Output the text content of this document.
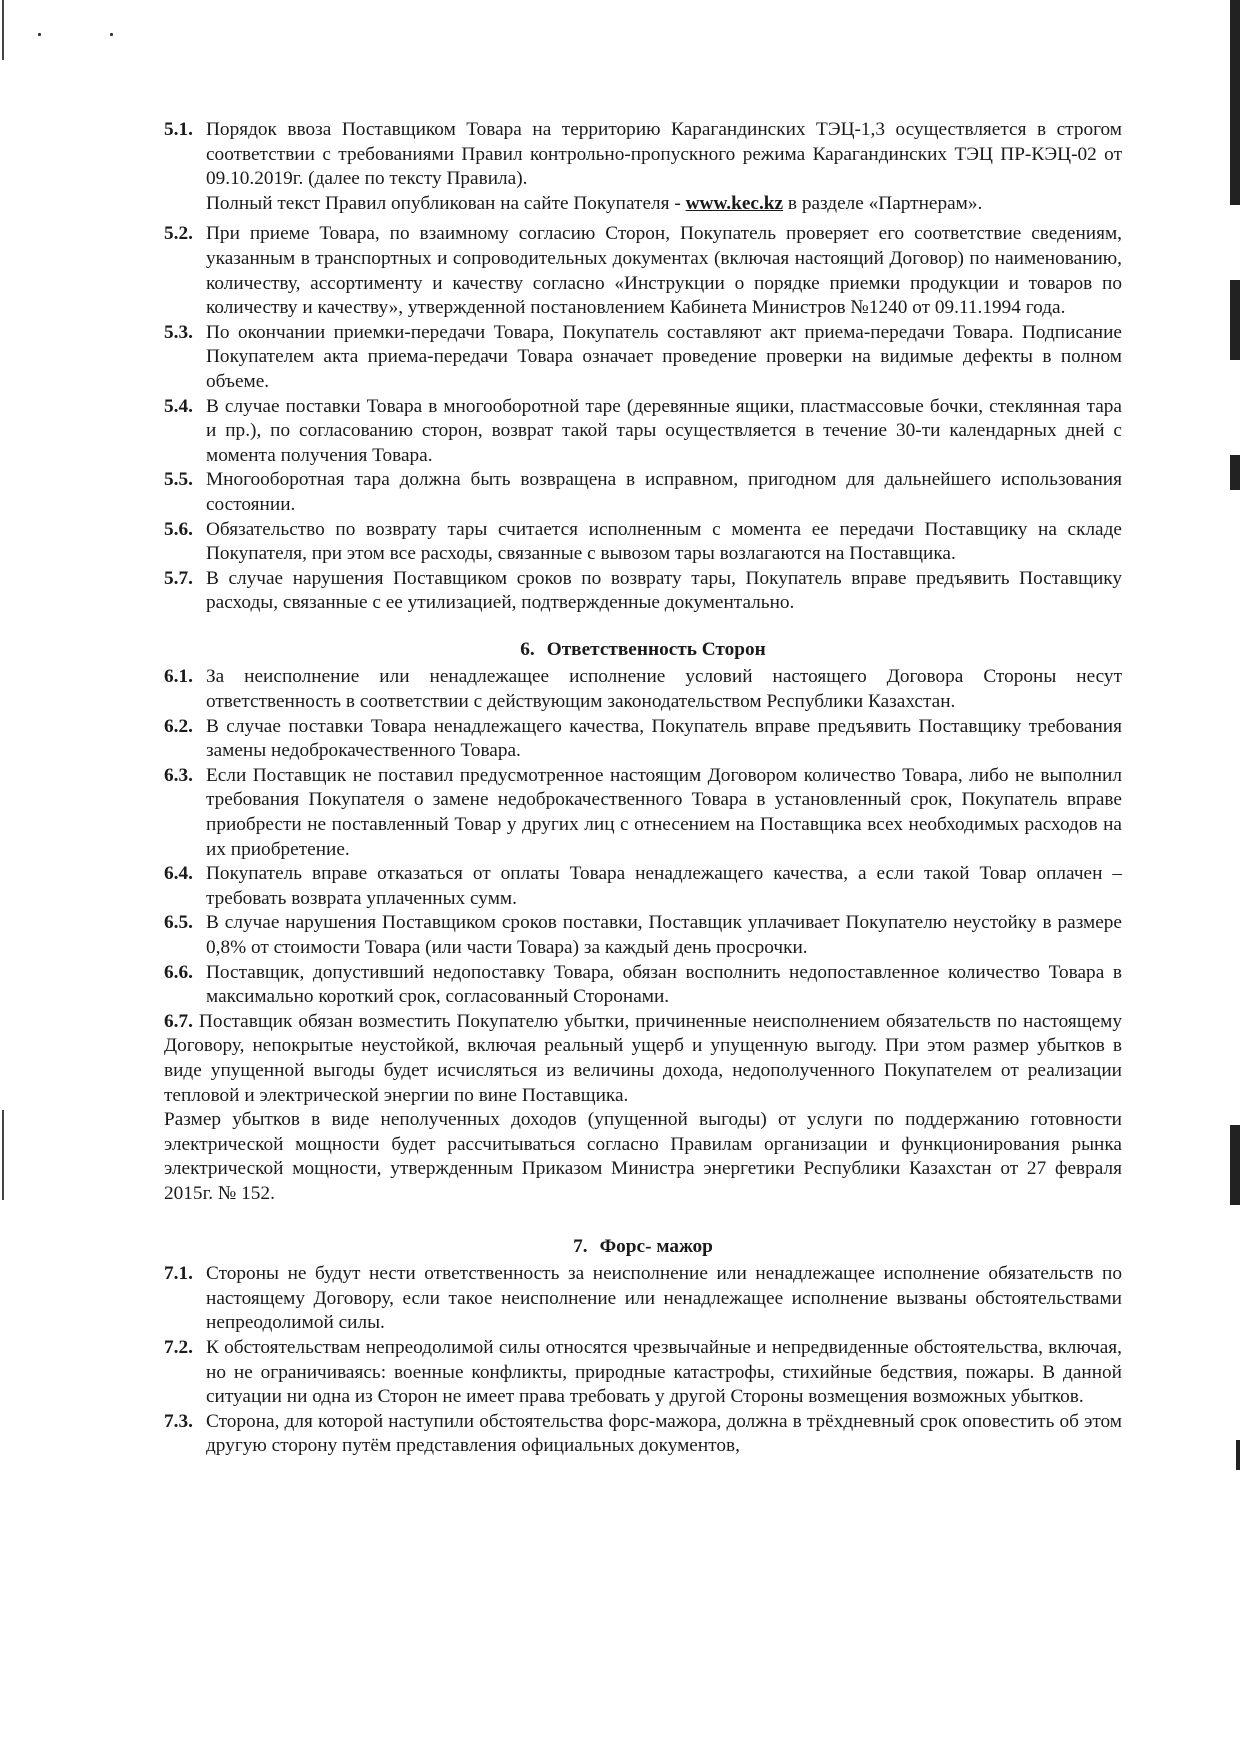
5.1. Порядок ввоза Поставщиком Товара на территорию Карагандинских ТЭЦ-1,3 осуществляется в строгом соответствии с требованиями Правил контрольно-пропускного режима Карагандинских ТЭЦ ПР-КЭЦ-02 от 09.10.2019г. (далее по тексту Правила).
Полный текст Правил опубликован на сайте Покупателя - www.kec.kz в разделе «Партнерам».
5.2. При приеме Товара, по взаимному согласию Сторон, Покупатель проверяет его соответствие сведениям, указанным в транспортных и сопроводительных документах (включая настоящий Договор) по наименованию, количеству, ассортименту и качеству согласно «Инструкции о порядке приемки продукции и товаров по количеству и качеству», утвержденной постановлением Кабинета Министров №1240 от 09.11.1994 года.
5.3. По окончании приемки-передачи Товара, Покупатель составляют акт приема-передачи Товара. Подписание Покупателем акта приема-передачи Товара означает проведение проверки на видимые дефекты в полном объеме.
5.4. В случае поставки Товара в многооборотной таре (деревянные ящики, пластмассовые бочки, стеклянная тара и пр.), по согласованию сторон, возврат такой тары осуществляется в течение 30-ти календарных дней с момента получения Товара.
5.5. Многооборотная тара должна быть возвращена в исправном, пригодном для дальнейшего использования состоянии.
5.6. Обязательство по возврату тары считается исполненным с момента ее передачи Поставщику на складе Покупателя, при этом все расходы, связанные с вывозом тары возлагаются на Поставщика.
5.7. В случае нарушения Поставщиком сроков по возврату тары, Покупатель вправе предъявить Поставщику расходы, связанные с ее утилизацией, подтвержденные документально.
6. Ответственность Сторон
6.1. За неисполнение или ненадлежащее исполнение условий настоящего Договора Стороны несут ответственность в соответствии с действующим законодательством Республики Казахстан.
6.2. В случае поставки Товара ненадлежащего качества, Покупатель вправе предъявить Поставщику требования замены недоброкачественного Товара.
6.3. Если Поставщик не поставил предусмотренное настоящим Договором количество Товара, либо не выполнил требования Покупателя о замене недоброкачественного Товара в установленный срок, Покупатель вправе приобрести не поставленный Товар у других лиц с отнесением на Поставщика всех необходимых расходов на их приобретение.
6.4. Покупатель вправе отказаться от оплаты Товара ненадлежащего качества, а если такой Товар оплачен – требовать возврата уплаченных сумм.
6.5. В случае нарушения Поставщиком сроков поставки, Поставщик уплачивает Покупателю неустойку в размере 0,8% от стоимости Товара (или части Товара) за каждый день просрочки.
6.6. Поставщик, допустивший недопоставку Товара, обязан восполнить недопоставленное количество Товара в максимально короткий срок, согласованный Сторонами.
6.7. Поставщик обязан возместить Покупателю убытки, причиненные неисполнением обязательств по настоящему Договору, непокрытые неустойкой, включая реальный ущерб и упущенную выгоду. При этом размер убытков в виде упущенной выгоды будет исчисляться из величины дохода, недополученного Покупателем от реализации тепловой и электрической энергии по вине Поставщика.
Размер убытков в виде неполученных доходов (упущенной выгоды) от услуги по поддержанию готовности электрической мощности будет рассчитываться согласно Правилам организации и функционирования рынка электрической мощности, утвержденным Приказом Министра энергетики Республики Казахстан от 27 февраля 2015г. № 152.
7. Форс- мажор
7.1. Стороны не будут нести ответственность за неисполнение или ненадлежащее исполнение обязательств по настоящему Договору, если такое неисполнение или ненадлежащее исполнение вызваны обстоятельствами непреодолимой силы.
7.2. К обстоятельствам непреодолимой силы относятся чрезвычайные и непредвиденные обстоятельства, включая, но не ограничиваясь: военные конфликты, природные катастрофы, стихийные бедствия, пожары. В данной ситуации ни одна из Сторон не имеет права требовать у другой Стороны возмещения возможных убытков.
7.3. Сторона, для которой наступили обстоятельства форс-мажора, должна в трёхдневный срок оповестить об этом другую сторону путём представления официальных документов,
